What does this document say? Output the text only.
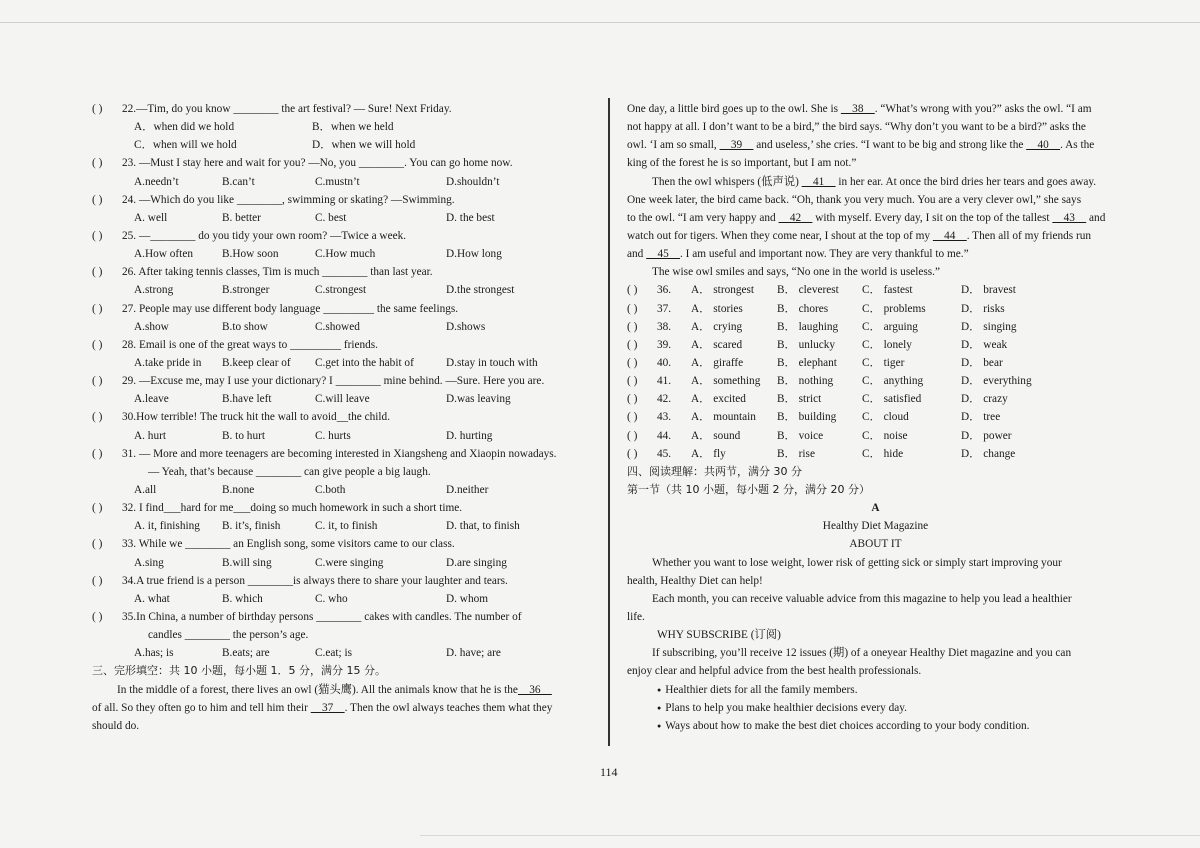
( ) 22.—Tim, do you know ________ the art festival? — Sure! Next Friday.
A．when did we hold	B．when we held
C．when will we hold	D．when we will hold
( ) 23. —Must I stay here and wait for you? —No, you ________. You can go home now.
A.needn’t	B.can’t	C.mustn’t	D.shouldn’t
( ) 24. —Which do you like ________, swimming or skating? —Swimming.
A. well	B. better	C. best	D. the best
( ) 25. —________ do you tidy your own room? —Twice a week.
A.How often	B.How soon	C.How much	D.How long
( ) 26. After taking tennis classes, Tim is much ________ than last year.
A.strong	B.stronger	C.strongest	D.the strongest
( ) 27. People may use different body language _________ the same feelings.
A.show	B.to show	C.showed	D.shows
( ) 28. Email is one of the great ways to _________ friends.
A.take pride in	B.keep clear of	C.get into the habit of	D.stay in touch with
( ) 29. —Excuse me, may I use your dictionary? I ________ mine behind. —Sure. Here you are.
A.leave	B.have left	C.will leave	D.was leaving
( ) 30.How terrible! The truck hit the wall to avoid__the child.
A. hurt	B. to hurt	C. hurts	D. hurting
( ) 31. — More and more teenagers are becoming interested in Xiangsheng and Xiaopin nowadays.
— Yeah, that’s because ________ can give people a big laugh.
A.all	B.none	C.both	D.neither
( ) 32. I find___hard for me___doing so much homework in such a short time.
A. it, finishing	B. it’s, finish	C. it, to finish	D. that, to finish
( ) 33. While we ________ an English song, some visitors came to our class.
A.sing	B.will sing	C.were singing	D.are singing
( ) 34.A true friend is a person ________is always there to share your laughter and tears.
A. what	B. which	C. who	D. whom
( ) 35.In China, a number of birthday persons ________ cakes with candles. The number of
candles ________ the person’s age.
A.has; is	B.eats; are	C.eat; is	D. have; are
三、完形填空：共 10 小题，每小题 1．5 分，满分 15 分。
In the middle of a forest, there lives an owl (猫头鹰). All the animals know that he is the 36 
of all. So they often go to him and tell him their  37 . Then the owl always teaches them what they
should do.
One day, a little bird goes up to the owl. She is  38 . “What’s wrong with you?” asks the owl. “I am
not happy at all. I don’t want to be a bird,” the bird says. “Why don’t you want to be a bird?” asks the
owl. ‘I am so small,  39  and useless,’ she cries. “I want to be big and strong like the  40 . As the
king of the forest he is so important, but I am not.”
Then the owl whispers (低声说)  41  in her ear. At once the bird dries her tears and goes away.
One week later, the bird came back. “Oh, thank you very much. You are a very clever owl,” she says
to the owl. “I am very happy and  42  with myself. Every day, I sit on the top of the tallest  43  and
watch out for tigers. When they come near, I shout at the top of my  44 . Then all of my friends run
and  45 . I am useful and important now. They are very thankful to me.”
The wise owl smiles and says, “No one in the world is useless.”
( )	36.	A． strongest	B． cleverest	C． fastest	D． bravest
( )	37.	A． stories	B． chores	C． problems	D． risks
( )	38.	A． crying	B． laughing	C． arguing	D． singing
( )	39.	A． scared	B． unlucky	C． lonely	D． weak
( )	40.	A． giraffe	B． elephant	C． tiger	D． bear
( )	41.	A． something	B． nothing	C． anything	D． everything
( )	42.	A． excited	B． strict	C． satisfied	D． crazy
( )	43.	A． mountain	B． building	C． cloud	D． tree
( )	44.	A． sound	B． voice	C． noise	D． power
( )	45.	A． fly	B． rise	C． hide	D． change
四、阅读理解：共两节，满分 30 分
第一节（共 10 小题，每小题 2 分，满分 20 分）
A
Healthy Diet Magazine
ABOUT IT
Whether you want to lose weight, lower risk of getting sick or simply start improving your
health, Healthy Diet can help!
Each month, you can receive valuable advice from this magazine to help you lead a healthier
life.
WHY SUBSCRIBE (订阅)
If subscribing, you’ll receive 12 issues (期) of a oneyear Healthy Diet magazine and you can
enjoy clear and helpful advice from the best health professionals.
● Healthier diets for all the family members.
● Plans to help you make healthier decisions every day.
● Ways about how to make the best diet choices according to your body condition.
114
